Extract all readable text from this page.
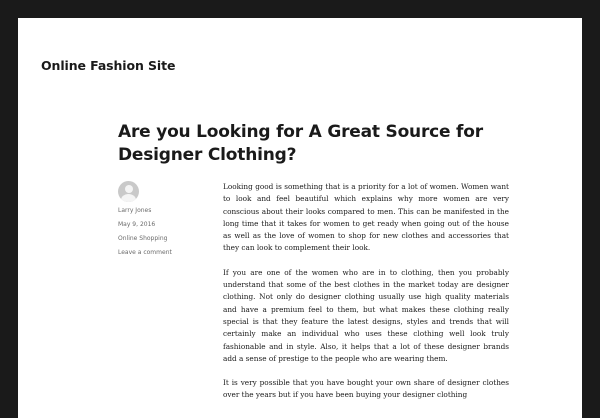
Online Fashion Site
Are you Looking for A Great Source for Designer Clothing?

Larry Jones

May 9, 2016

Online Shopping

Leave a comment

Looking good is something that is a priority for a lot of women. Women want to look and feel beautiful which explains why more women are very conscious about their looks compared to men. This can be manifested in the long time that it takes for women to get ready when going out of the house as well as the love of women to shop for new clothes and accessories that they can look to complement their look.

If you are one of the women who are in to clothing, then you probably understand that some of the best clothes in the market today are designer clothing. Not only do designer clothing usually use high quality materials and have a premium feel to them, but what makes these clothing really special is that they feature the latest designs, styles and trends that will certainly make an individual who uses these clothing well look truly fashionable and in style. Also, it helps that a lot of these designer brands add a sense of prestige to the people who are wearing them.

It is very possible that you have bought your own share of designer clothes over the years but if you have been buying your designer clothing
